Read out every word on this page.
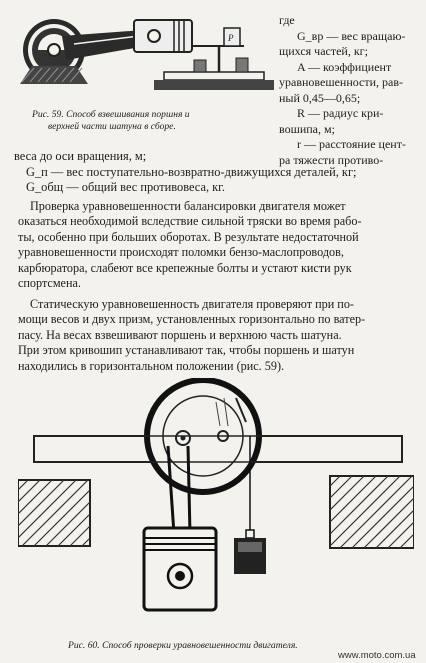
P
Рис. 59. Способ взвешивания поршня и
верхней части шатуна в сборе.
где
G_вр — вес вращаю-
щихся частей, кг;
A — коэффициент
уравновешенности, рав-
ный 0,45—0,65;
R — радиус кри-
вошипа, м;
r — расстояние цент-
ра тяжести противо-
веса до оси вращения, м;
G_п — вес поступательно-возвратно-движущихся деталей, кг;
G_общ — общий вес противовеса, кг.
Проверка уравновешенности балансировки двигателя может
оказаться необходимой вследствие сильной тряски во время рабо-
ты, особенно при больших оборотах. В результате недостаточной
уравновешенности происходят поломки бензо-маслопроводов,
карбюратора, слабеют все крепежные болты и устают кисти рук
спортсмена.
Статическую уравновешенность двигателя проверяют при по-
мощи весов и двух призм, установленных горизонтально по ватер-
пасу. На весах взвешивают поршень и верхнюю часть шатуна.
При этом кривошип устанавливают так, чтобы поршень и шатун
находились в горизонтальном положении (рис. 59).
Рис. 60. Способ проверки уравновешенности двигателя.
www.moto.com.ua
